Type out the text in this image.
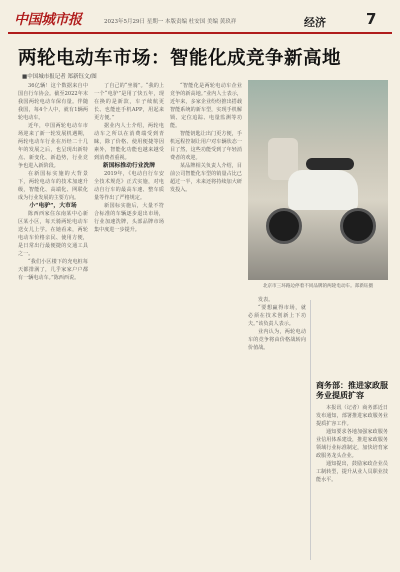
中国城市报	2023年5月29日 星期一 本版责编 杜安国 美编 黄玖祥	经济	7
两轮电动车市场：智能化成竞争新高地
■中国城市报记者 郑新钰文/图

36亿辆！这个数据来自中国自行车协会。截至2022年末我国两轮电动车保有量。伴随我国，每4个人中，就有1辆两轮电动车。

近年，中国两轮电动车市场迎来了新一轮发展机遇期，两轮电动车行业在历经二十几年的发展之后，也呈现出新特点、新变化、新趋势，行业竞争也进入新阶段。

在新国标实施的大背景下，两轮电动车的技术加速升级，智能化、高端化、网联化成为行业发展的主要方向。

小“电驴”，大市场

陈西西家住东南某中心新区某小区，每天骑两轮电动车送女儿上学。在她看来，两轮电动车价格亲民、使用方便，是日常出行最便捷的交通工具之一。

“我们小区楼下的充电桩每天都排满了，几乎家家户户都有一辆电动车。”陈西西说。

了自己的“坐骑”。“我的上一个“电驴”是用了快五年，现在换的是新款，车子续航更长、也能连手机APP，用起来更方便。”

据业内人士介绍，两轮电动车之所以在消费端受到青睐，除了价格、使用便捷等因素外，智能化功能也越来越受到消费者重视。

新国标推动行业洗牌

2019年，《电动自行车安全技术规范》正式实施，对电动自行车的最高车速、整车质量等作出了严格规定。

新国标实施后，大量不符合标准的车辆逐步退出市场，行业加速洗牌，头部品牌市场集中度进一步提升。

“智能化是两轮电动车企业竞争的新高地。”业内人士表示，近年来，多家企业纷纷推出搭载智能系统的新车型，实现手机解锁、定位追踪、电量监测等功能。

智能钥匙让出门更方便，手机远程控制让用户对车辆状态一目了然，这些功能受到了年轻消费者的欢迎。

某品牌相关负责人介绍，目前公司智能化车型的销量占比已超过一半，未来还将持续加大研发投入。

北京市三环路边停着不同品牌的两轮电动车。郑新钰摄

发表。

“要想赢得市场，就必须在技术创新上下功夫。”该负责人表示。

业内认为，两轮电动车的竞争将由价格战转向价值战。

商务部：推进家政服务业提质扩容

本报讯（记者）商务部近日发布通知，部署推进家政服务业提质扩容工作。

通知要求各地加强家政服务业信用体系建设，推进家政服务领域行业标准制定，加快培育家政服务龙头企业。

通知提出，鼓励家政企业员工制转型，提升从业人员职业技能水平。
